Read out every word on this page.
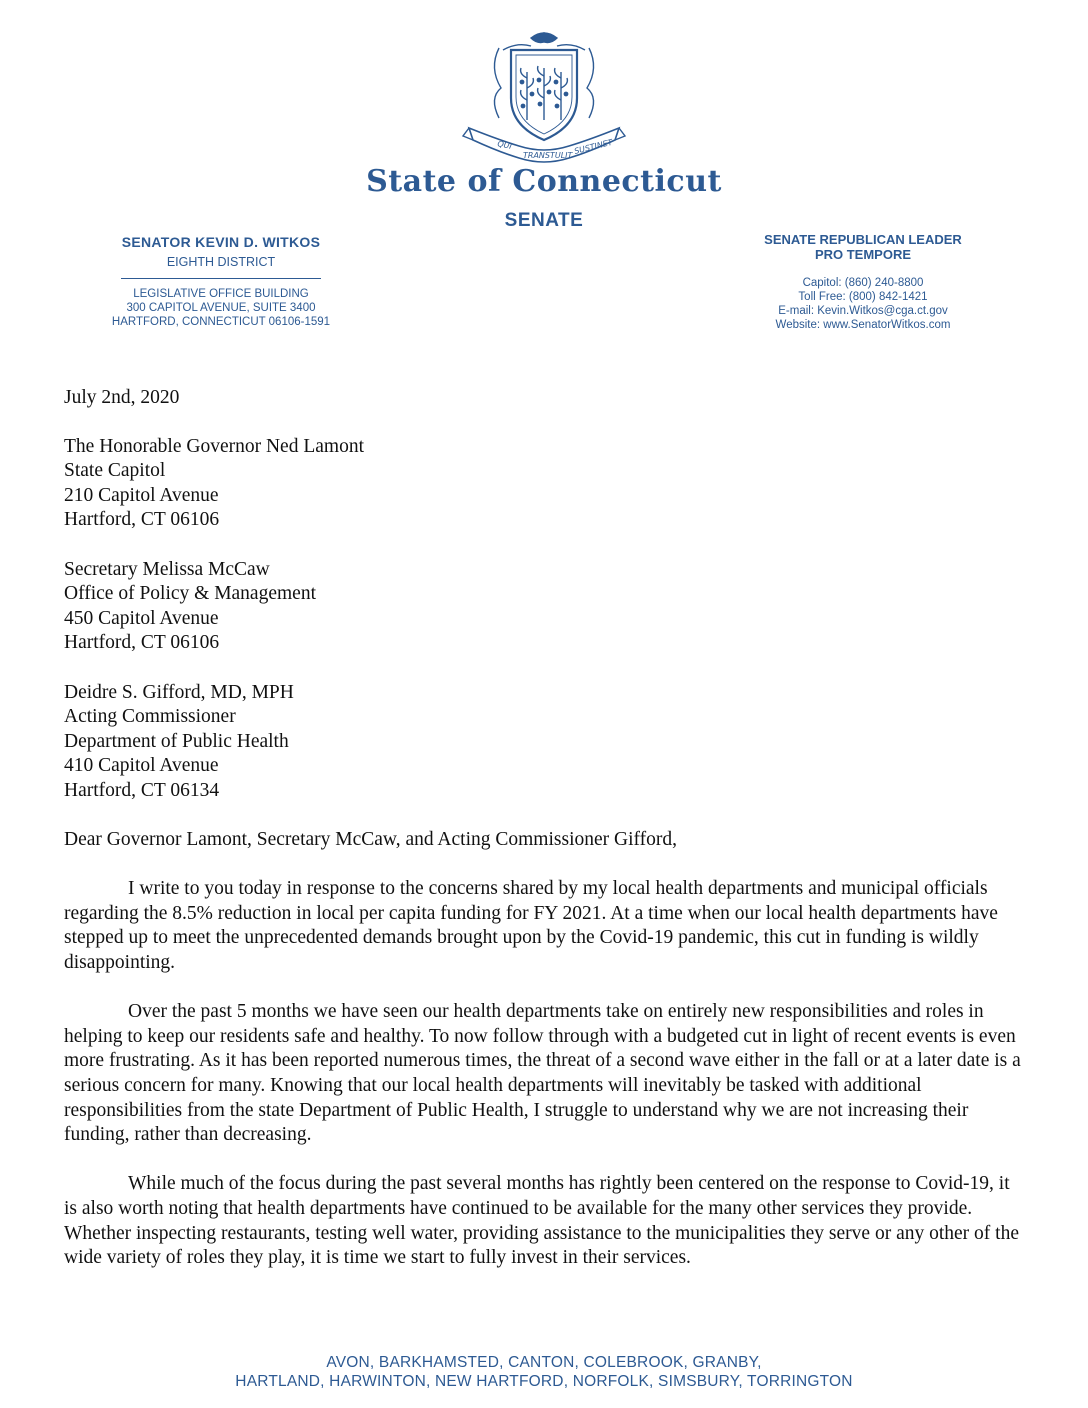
QUI
TRANSTULIT SUSTINET
State of Connecticut
SENATE
SENATOR KEVIN D. WITKOS
EIGHTH DISTRICT
LEGISLATIVE OFFICE BUILDING
300 CAPITOL AVENUE, SUITE 3400
HARTFORD, CONNECTICUT 06106-1591
SENATE REPUBLICAN LEADER
PRO TEMPORE
Capitol: (860) 240-8800
Toll Free: (800) 842-1421
E-mail: Kevin.Witkos@cga.ct.gov
Website: www.SenatorWitkos.com

July 2nd, 2020

The Honorable Governor Ned Lamont
State Capitol
210 Capitol Avenue
Hartford, CT 06106
Secretary Melissa McCaw
Office of Policy & Management
450 Capitol Avenue
Hartford, CT 06106
Deidre S. Gifford, MD, MPH
Acting Commissioner
Department of Public Health
410 Capitol Avenue
Hartford, CT 06134

Dear Governor Lamont, Secretary McCaw, and Acting Commissioner Gifford,

I write to you today in response to the concerns shared by my local health departments and municipal officials regarding the 8.5% reduction in local per capita funding for FY 2021. At a time when our local health departments have stepped up to meet the unprecedented demands brought upon by the Covid-19 pandemic, this cut in funding is wildly disappointing.

Over the past 5 months we have seen our health departments take on entirely new responsibilities and roles in helping to keep our residents safe and healthy. To now follow through with a budgeted cut in light of recent events is even more frustrating. As it has been reported numerous times, the threat of a second wave either in the fall or at a later date is a serious concern for many. Knowing that our local health departments will inevitably be tasked with additional responsibilities from the state Department of Public Health, I struggle to understand why we are not increasing their funding, rather than decreasing.

While much of the focus during the past several months has rightly been centered on the response to Covid-19, it is also worth noting that health departments have continued to be available for the many other services they provide. Whether inspecting restaurants, testing well water, providing assistance to the municipalities they serve or any other of the wide variety of roles they play, it is time we start to fully invest in their services.

AVON, BARKHAMSTED, CANTON, COLEBROOK, GRANBY,
HARTLAND, HARWINTON, NEW HARTFORD, NORFOLK, SIMSBURY, TORRINGTON
